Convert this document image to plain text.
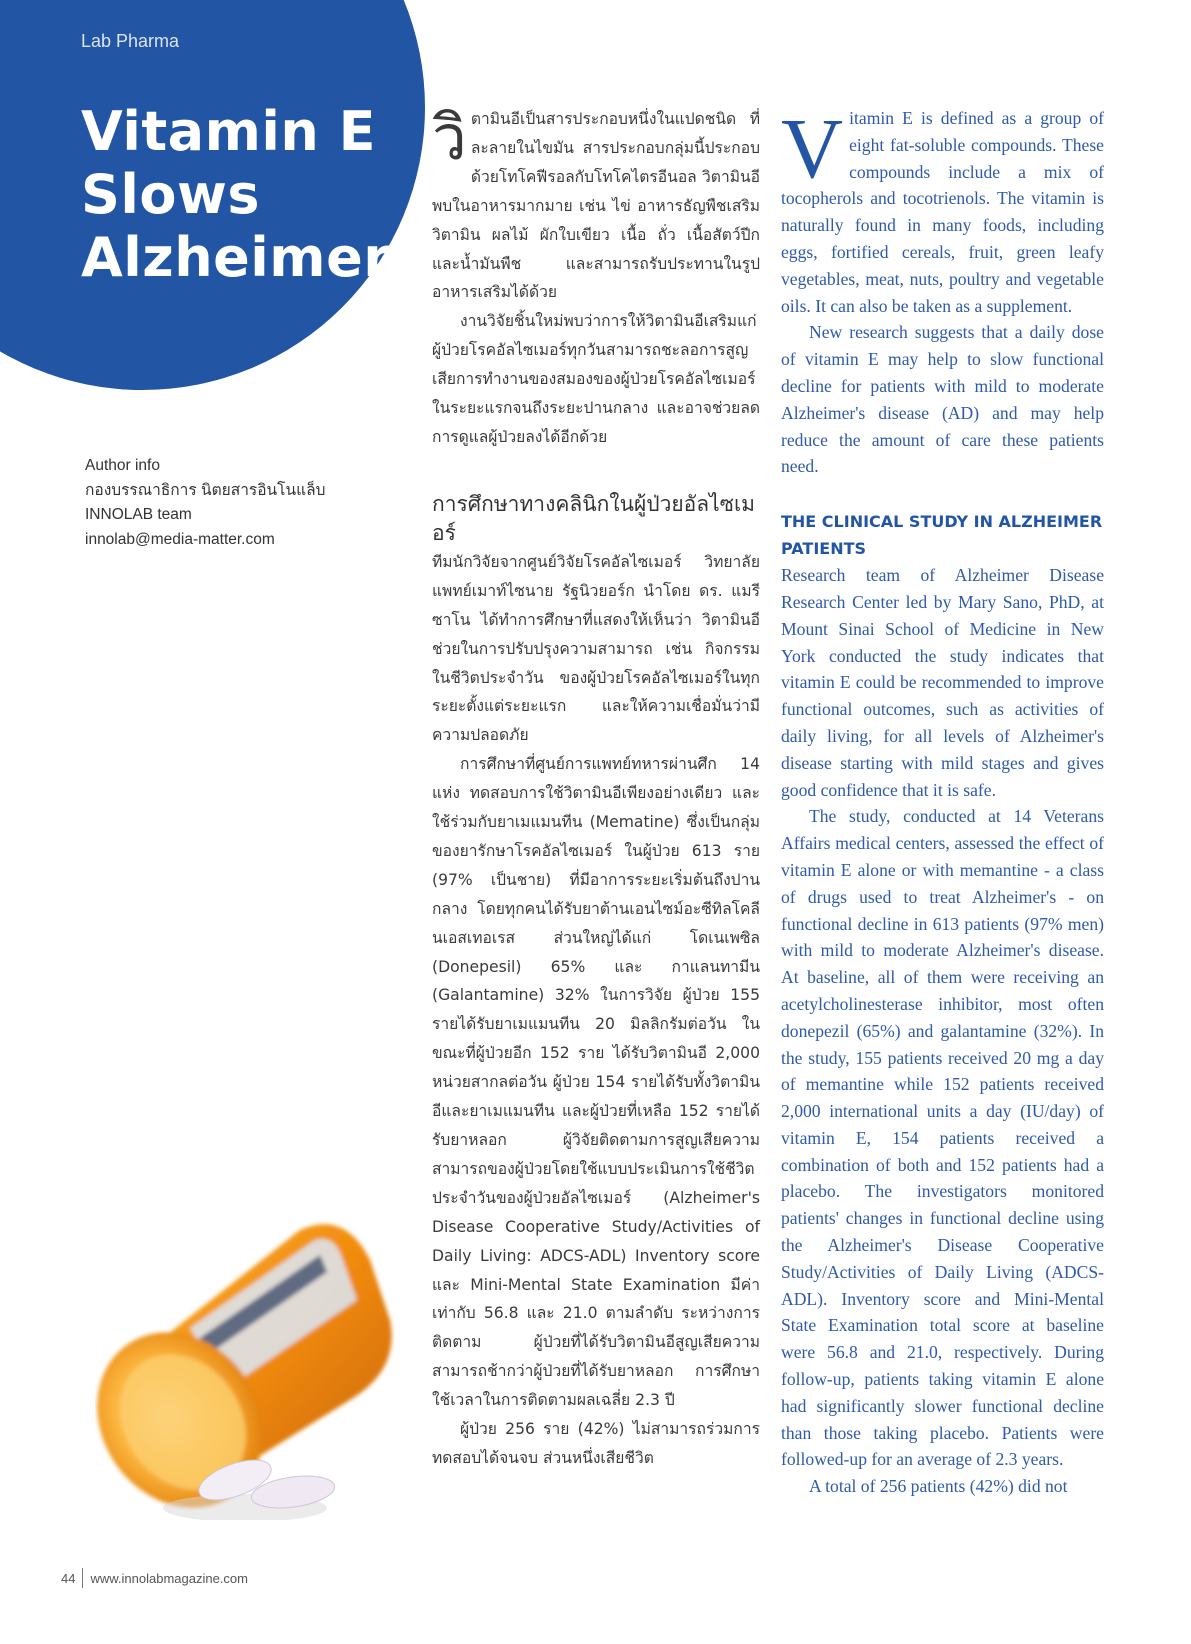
Lab Pharma
Vitamin E
Slows
Alzheimer
Author info
กองบรรณาธิการ นิตยสารอินโนแล็บ
INNOLAB team
innolab@media-matter.com

วิตามินอีเป็นสารประกอบหนึ่งในแปดชนิด ที่ละลายในไขมัน สารประกอบกลุ่มนี้ประกอบด้วยโทโคฟีรอลกับโทโคไตรอีนอล วิตามินอีพบในอาหารมากมาย เช่น ไข่ อาหารธัญพืชเสริมวิตามิน ผลไม้ ผักใบเขียว เนื้อ ถั่ว เนื้อสัตว์ปีก และน้ำมันพืช และสามารถรับประทานในรูปอาหารเสริมได้ด้วย

งานวิจัยชิ้นใหม่พบว่าการให้วิตามินอีเสริมแก่ผู้ป่วยโรคอัลไซเมอร์ทุกวันสามารถชะลอการสูญเสียการทำงานของสมองของผู้ป่วยโรคอัลไซเมอร์ในระยะแรกจนถึงระยะปานกลาง และอาจช่วยลดการดูแลผู้ป่วยลงได้อีกด้วย

การศึกษาทางคลินิกในผู้ป่วยอัลไซเมอร์

ทีมนักวิจัยจากศูนย์วิจัยโรคอัลไซเมอร์ วิทยาลัยแพทย์เมาท์ไซนาย รัฐนิวยอร์ก นำโดย ดร. แมรี ซาโน ได้ทำการศึกษาที่แสดงให้เห็นว่า วิตามินอีช่วยในการปรับปรุงความสามารถ เช่น กิจกรรมในชีวิตประจำวัน ของผู้ป่วยโรคอัลไซเมอร์ในทุกระยะตั้งแต่ระยะแรก และให้ความเชื่อมั่นว่ามีความปลอดภัย

การศึกษาที่ศูนย์การแพทย์ทหารผ่านศึก 14 แห่ง ทดสอบการใช้วิตามินอีเพียงอย่างเดียว และใช้ร่วมกับยาเมแมนทีน (Mematine) ซึ่งเป็นกลุ่มของยารักษาโรคอัลไซเมอร์ ในผู้ป่วย 613 ราย (97% เป็นชาย) ที่มีอาการระยะเริ่มต้นถึงปานกลาง โดยทุกคนได้รับยาต้านเอนไซม์อะซีทิลโคลีนเอสเทอเรส ส่วนใหญ่ได้แก่ โดเนเพซิล (Donepesil) 65% และ กาแลนทามีน (Galantamine) 32% ในการวิจัย ผู้ป่วย 155 รายได้รับยาเมแมนทีน 20 มิลลิกรัมต่อวัน ในขณะที่ผู้ป่วยอีก 152 ราย ได้รับวิตามินอี 2,000 หน่วยสากลต่อวัน ผู้ป่วย 154 รายได้รับทั้งวิตามินอีและยาเมแมนทีน และผู้ป่วยที่เหลือ 152 รายได้รับยาหลอก ผู้วิจัยติดตามการสูญเสียความสามารถของผู้ป่วยโดยใช้แบบประเมินการใช้ชีวิตประจำวันของผู้ป่วยอัลไซเมอร์ (Alzheimer's Disease Cooperative Study/Activities of Daily Living: ADCS-ADL) Inventory score และ Mini-Mental State Examination มีค่าเท่ากับ 56.8 และ 21.0 ตามลำดับ ระหว่างการติดตาม ผู้ป่วยที่ได้รับวิตามินอีสูญเสียความสามารถช้ากว่าผู้ป่วยที่ได้รับยาหลอก การศึกษาใช้เวลาในการติดตามผลเฉลี่ย 2.3 ปี

ผู้ป่วย 256 ราย (42%) ไม่สามารถร่วมการทดสอบได้จนจบ ส่วนหนึ่งเสียชีวิต

Vitamin E is defined as a group of eight fat-soluble compounds. These compounds include a mix of tocopherols and tocotrienols. The vitamin is naturally found in many foods, including eggs, fortified cereals, fruit, green leafy vegetables, meat, nuts, poultry and vegetable oils. It can also be taken as a supplement.

New research suggests that a daily dose of vitamin E may help to slow functional decline for patients with mild to moderate Alzheimer's disease (AD) and may help reduce the amount of care these patients need.

THE CLINICAL STUDY IN ALZHEIMER PATIENTS

Research team of Alzheimer Disease Research Center led by Mary Sano, PhD, at Mount Sinai School of Medicine in New York conducted the study indicates that vitamin E could be recommended to improve functional outcomes, such as activities of daily living, for all levels of Alzheimer's disease starting with mild stages and gives good confidence that it is safe.

The study, conducted at 14 Veterans Affairs medical centers, assessed the effect of vitamin E alone or with memantine - a class of drugs used to treat Alzheimer's - on functional decline in 613 patients (97% men) with mild to moderate Alzheimer's disease. At baseline, all of them were receiving an acetylcholinesterase inhibitor, most often donepezil (65%) and galantamine (32%). In the study, 155 patients received 20 mg a day of memantine while 152 patients received 2,000 international units a day (IU/day) of vitamin E, 154 patients received a combination of both and 152 patients had a placebo. The investigators monitored patients' changes in functional decline using the Alzheimer's Disease Cooperative Study/Activities of Daily Living (ADCS-ADL). Inventory score and Mini-Mental State Examination total score at baseline were 56.8 and 21.0, respectively. During follow-up, patients taking vitamin E alone had significantly slower functional decline than those taking placebo. Patients were followed-up for an average of 2.3 years.

A total of 256 patients (42%) did not

44 www.innolabmagazine.com
